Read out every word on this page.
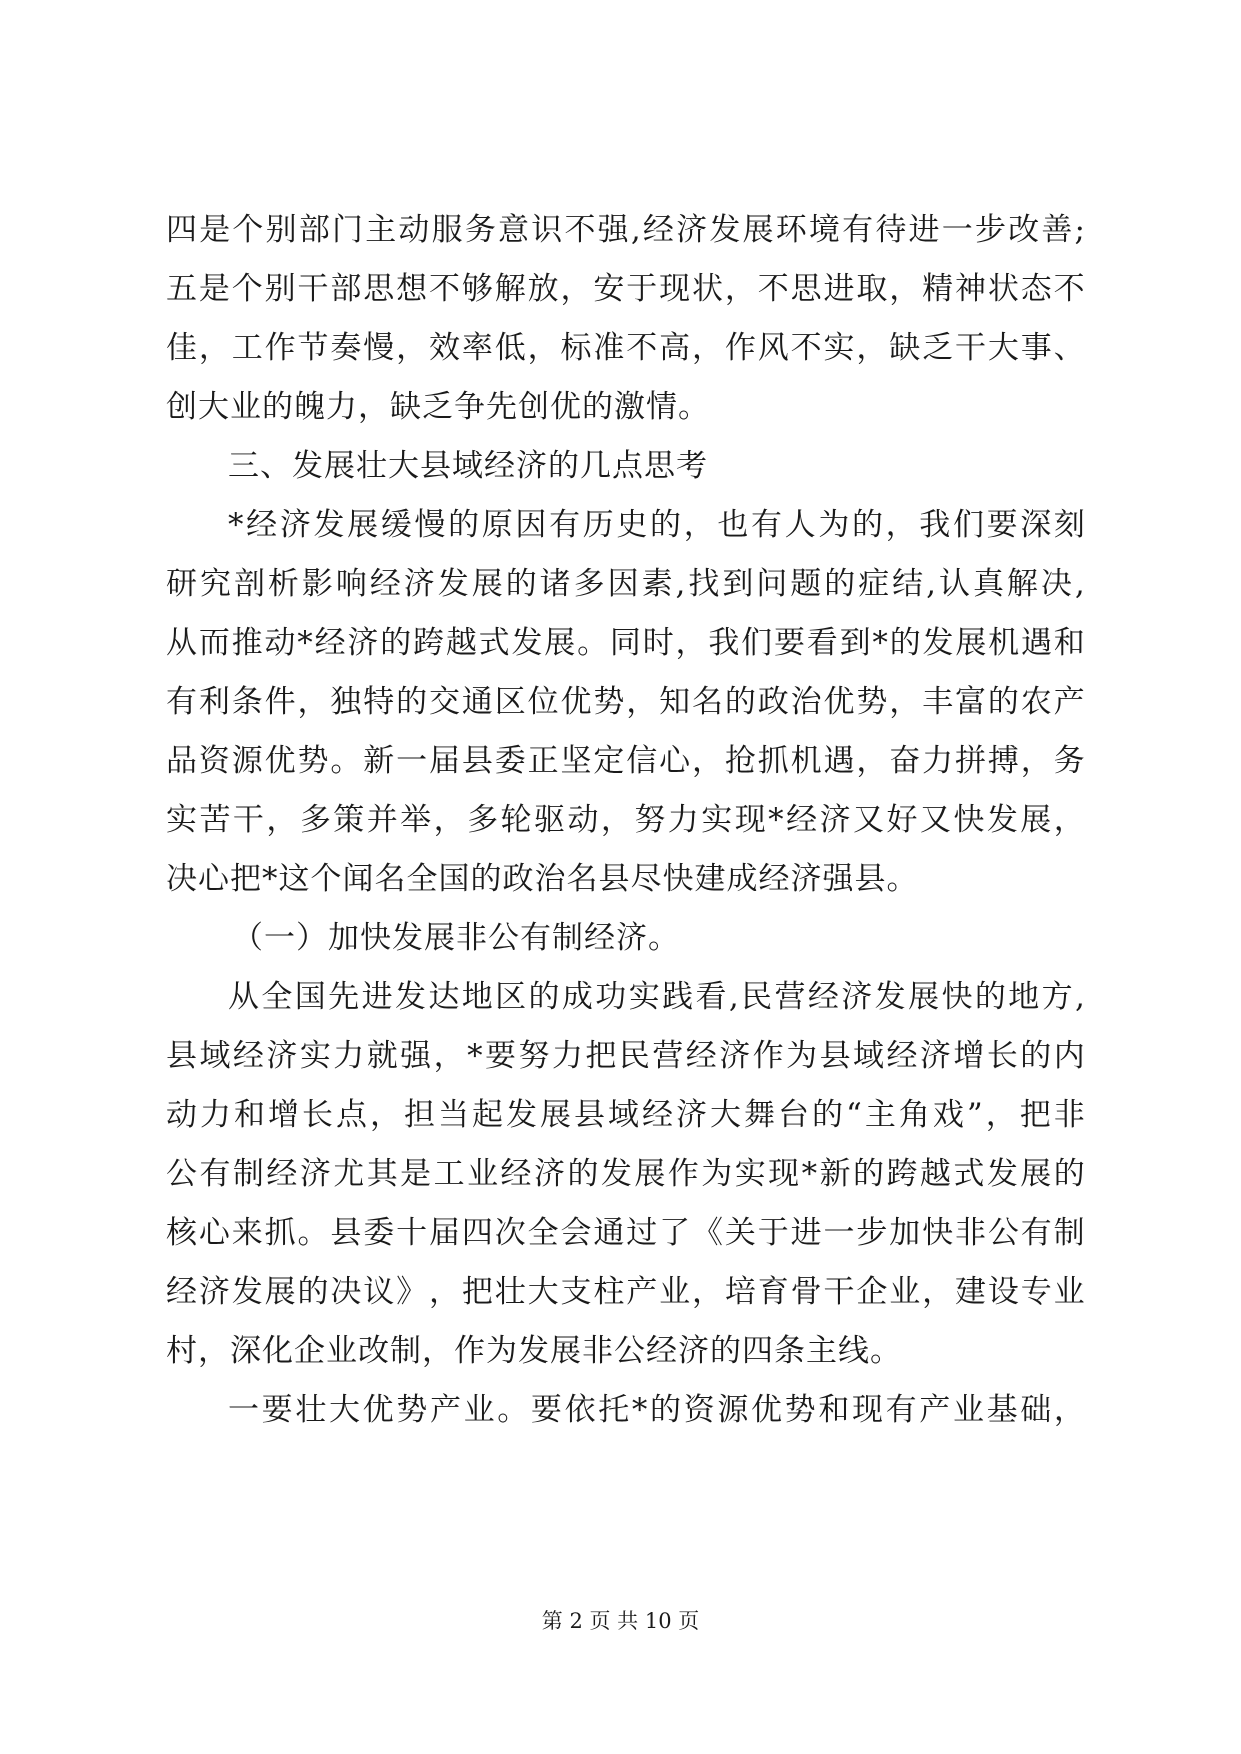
四 是 个 别 部 门 主 动 服 务 意 识 不 强 , 经 济 发 展 环 境 有 待 进 一 步 改 善 ;
五 是 个 别 干 部 思 想 不 够 解 放 ， 安 于 现 状 ， 不 思 进 取 ， 精 神 状 态 不
佳 ， 工 作 节 奏 慢 ， 效 率 低 ， 标 准 不 高 ， 作 风 不 实 ， 缺 乏 干 大 事 、
创大业的魄力，缺乏争先创优的激情。
三、发展壮大县域经济的几点思考
* 经 济 发 展 缓 慢 的 原 因 有 历 史 的 ， 也 有 人 为 的 ， 我 们 要 深 刻
研 究 剖 析 影 响 经 济 发 展 的 诸 多 因 素 , 找 到 问 题 的 症 结 , 认 真 解 决 ,
从 而 推 动 * 经 济 的 跨 越 式 发 展 。 同 时 ， 我 们 要 看 到 * 的 发 展 机 遇 和
有 利 条 件 ， 独 特 的 交 通 区 位 优 势 ， 知 名 的 政 治 优 势 ， 丰 富 的 农 产
品 资 源 优 势 。 新 一 届 县 委 正 坚 定 信 心 ， 抢 抓 机 遇 ， 奋 力 拼 搏 ， 务
实 苦 干 ， 多 策 并 举 ， 多 轮 驱 动 ， 努 力 实 现 * 经 济 又 好 又 快 发 展 ，
决心把*这个闻名全国的政治名县尽快建成经济强县。
（一）加快发展非公有制经济。
从 全 国 先 进 发 达 地 区 的 成 功 实 践 看 , 民 营 经 济 发 展 快 的 地 方 ,
县 域 经 济 实 力 就 强 ， * 要 努 力 把 民 营 经 济 作 为 县 域 经 济 增 长 的 内
动 力 和 增 长 点 ， 担 当 起 发 展 县 域 经 济 大 舞 台 的 “ 主 角 戏 ” ， 把 非
公 有 制 经 济 尤 其 是 工 业 经 济 的 发 展 作 为 实 现 * 新 的 跨 越 式 发 展 的
核 心 来 抓 。 县 委 十 届 四 次 全 会 通 过 了 《 关 于 进 一 步 加 快 非 公 有 制
经 济 发 展 的 决 议 》 ， 把 壮 大 支 柱 产 业 ， 培 育 骨 干 企 业 ， 建 设 专 业
村，深化企业改制，作为发展非公经济的四条主线。
一 要 壮 大 优 势 产 业 。 要 依 托 * 的 资 源 优 势 和 现 有 产 业 基 础 ，
第 2 页 共 10 页
